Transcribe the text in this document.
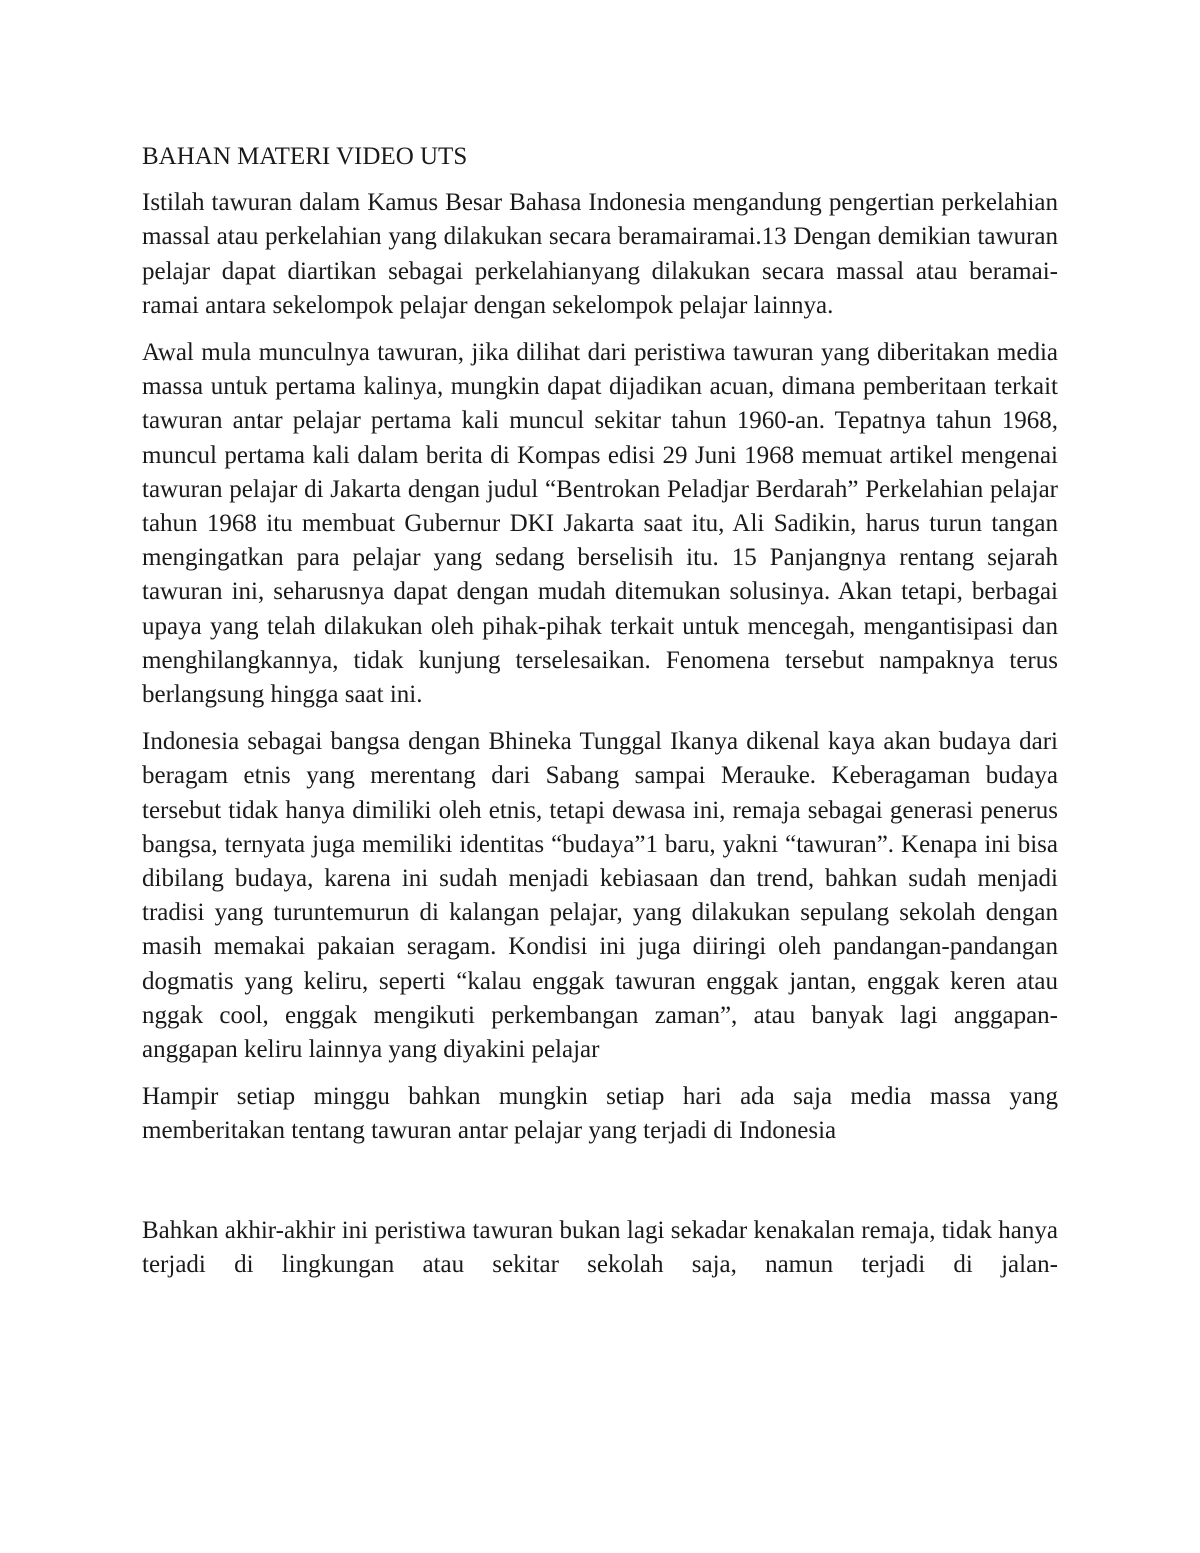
BAHAN MATERI VIDEO UTS

Istilah tawuran dalam Kamus Besar Bahasa Indonesia mengandung pengertian perkelahian massal atau perkelahian yang dilakukan secara beramairamai.13 Dengan demikian tawuran pelajar dapat diartikan sebagai perkelahianyang dilakukan secara massal atau beramai-ramai antara sekelompok pelajar dengan sekelompok pelajar lainnya.

Awal mula munculnya tawuran, jika dilihat dari peristiwa tawuran yang diberitakan media massa untuk pertama kalinya, mungkin dapat dijadikan acuan, dimana pemberitaan terkait tawuran antar pelajar pertama kali muncul sekitar tahun 1960-an. Tepatnya tahun 1968, muncul pertama kali dalam berita di Kompas edisi 29 Juni 1968 memuat artikel mengenai tawuran pelajar di Jakarta dengan judul “Bentrokan Peladjar Berdarah” Perkelahian pelajar tahun 1968 itu membuat Gubernur DKI Jakarta saat itu, Ali Sadikin, harus turun tangan mengingatkan para pelajar yang sedang berselisih itu. 15 Panjangnya rentang sejarah tawuran ini, seharusnya dapat dengan mudah ditemukan solusinya. Akan tetapi, berbagai upaya yang telah dilakukan oleh pihak-pihak terkait untuk mencegah, mengantisipasi dan menghilangkannya, tidak kunjung terselesaikan. Fenomena tersebut nampaknya terus berlangsung hingga saat ini.

Indonesia sebagai bangsa dengan Bhineka Tunggal Ikanya dikenal kaya akan budaya dari beragam etnis yang merentang dari Sabang sampai Merauke. Keberagaman budaya tersebut tidak hanya dimiliki oleh etnis, tetapi dewasa ini, remaja sebagai generasi penerus bangsa, ternyata juga memiliki identitas “budaya”1 baru, yakni “tawuran”. Kenapa ini bisa dibilang budaya, karena ini sudah menjadi kebiasaan dan trend, bahkan sudah menjadi tradisi yang turuntemurun di kalangan pelajar, yang dilakukan sepulang sekolah dengan masih memakai pakaian seragam. Kondisi ini juga diiringi oleh pandangan-pandangan dogmatis yang keliru, seperti “kalau enggak tawuran enggak jantan, enggak keren atau nggak cool, enggak mengikuti perkembangan zaman”, atau banyak lagi anggapan-anggapan keliru lainnya yang diyakini pelajar

Hampir setiap minggu bahkan mungkin setiap hari ada saja media massa yang memberitakan tentang tawuran antar pelajar yang terjadi di Indonesia

Bahkan akhir-akhir ini peristiwa tawuran bukan lagi sekadar kenakalan remaja, tidak hanya terjadi di lingkungan atau sekitar sekolah saja, namun terjadi di jalan-
